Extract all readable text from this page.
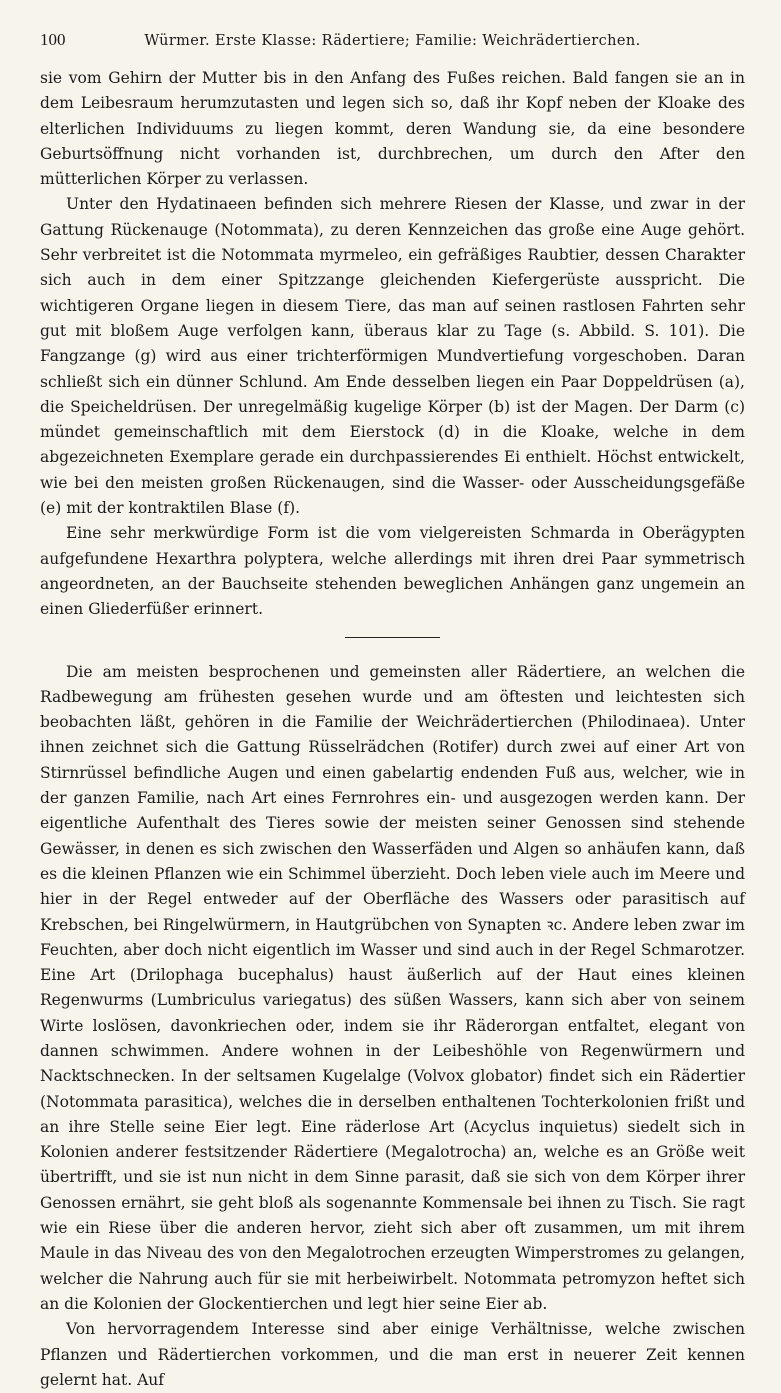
100	Würmer. Erste Klasse: Rädertiere; Familie: Weichrädertierchen.

sie vom Gehirn der Mutter bis in den Anfang des Fußes reichen. Bald fangen sie an in dem Leibesraum herumzutasten und legen sich so, daß ihr Kopf neben der Kloake des elterlichen Individuums zu liegen kommt, deren Wandung sie, da eine besondere Geburtsöffnung nicht vorhanden ist, durchbrechen, um durch den After den mütterlichen Körper zu verlassen.

Unter den Hydatinaeen befinden sich mehrere Riesen der Klasse, und zwar in der Gattung Rückenauge (Notommata), zu deren Kennzeichen das große eine Auge gehört. Sehr verbreitet ist die Notommata myrmeleo, ein gefräßiges Raubtier, dessen Charakter sich auch in dem einer Spitzzange gleichenden Kiefergerüste ausspricht. Die wichtigeren Organe liegen in diesem Tiere, das man auf seinen rastlosen Fahrten sehr gut mit bloßem Auge verfolgen kann, überaus klar zu Tage (s. Abbild. S. 101). Die Fangzange (g) wird aus einer trichterförmigen Mundvertiefung vorgeschoben. Daran schließt sich ein dünner Schlund. Am Ende desselben liegen ein Paar Doppeldrüsen (a), die Speicheldrüsen. Der unregelmäßig kugelige Körper (b) ist der Magen. Der Darm (c) mündet gemeinschaftlich mit dem Eierstock (d) in die Kloake, welche in dem abgezeichneten Exemplare gerade ein durchpassierendes Ei enthielt. Höchst entwickelt, wie bei den meisten großen Rückenaugen, sind die Wasser- oder Ausscheidungsgefäße (e) mit der kontraktilen Blase (f).

Eine sehr merkwürdige Form ist die vom vielgereisten Schmarda in Oberägypten aufgefundene Hexarthra polyptera, welche allerdings mit ihren drei Paar symmetrisch angeordneten, an der Bauchseite stehenden beweglichen Anhängen ganz ungemein an einen Gliederfüßer erinnert.

Die am meisten besprochenen und gemeinsten aller Rädertiere, an welchen die Radbewegung am frühesten gesehen wurde und am öftesten und leichtesten sich beobachten läßt, gehören in die Familie der Weichrädertierchen (Philodinaea). Unter ihnen zeichnet sich die Gattung Rüsselrädchen (Rotifer) durch zwei auf einer Art von Stirnrüssel befindliche Augen und einen gabelartig endenden Fuß aus, welcher, wie in der ganzen Familie, nach Art eines Fernrohres ein- und ausgezogen werden kann. Der eigentliche Aufenthalt des Tieres sowie der meisten seiner Genossen sind stehende Gewässer, in denen es sich zwischen den Wasserfäden und Algen so anhäufen kann, daß es die kleinen Pflanzen wie ein Schimmel überzieht. Doch leben viele auch im Meere und hier in der Regel entweder auf der Oberfläche des Wassers oder parasitisch auf Krebschen, bei Ringelwürmern, in Hautgrübchen von Synapten ꝛc. Andere leben zwar im Feuchten, aber doch nicht eigentlich im Wasser und sind auch in der Regel Schmarotzer. Eine Art (Drilophaga bucephalus) haust äußerlich auf der Haut eines kleinen Regenwurms (Lumbriculus variegatus) des süßen Wassers, kann sich aber von seinem Wirte loslösen, davonkriechen oder, indem sie ihr Räderorgan entfaltet, elegant von dannen schwimmen. Andere wohnen in der Leibeshöhle von Regenwürmern und Nacktschnecken. In der seltsamen Kugelalge (Volvox globator) findet sich ein Rädertier (Notommata parasitica), welches die in derselben enthaltenen Tochterkolonien frißt und an ihre Stelle seine Eier legt. Eine räderlose Art (Acyclus inquietus) siedelt sich in Kolonien anderer festsitzender Rädertiere (Megalotrocha) an, welche es an Größe weit übertrifft, und sie ist nun nicht in dem Sinne parasit, daß sie sich von dem Körper ihrer Genossen ernährt, sie geht bloß als sogenannte Kommensale bei ihnen zu Tisch. Sie ragt wie ein Riese über die anderen hervor, zieht sich aber oft zusammen, um mit ihrem Maule in das Niveau des von den Megalotrochen erzeugten Wimperstromes zu gelangen, welcher die Nahrung auch für sie mit herbeiwirbelt. Notommata petromyzon heftet sich an die Kolonien der Glockentierchen und legt hier seine Eier ab.

Von hervorragendem Interesse sind aber einige Verhältnisse, welche zwischen Pflanzen und Rädertierchen vorkommen, und die man erst in neuerer Zeit kennen gelernt hat. Auf
